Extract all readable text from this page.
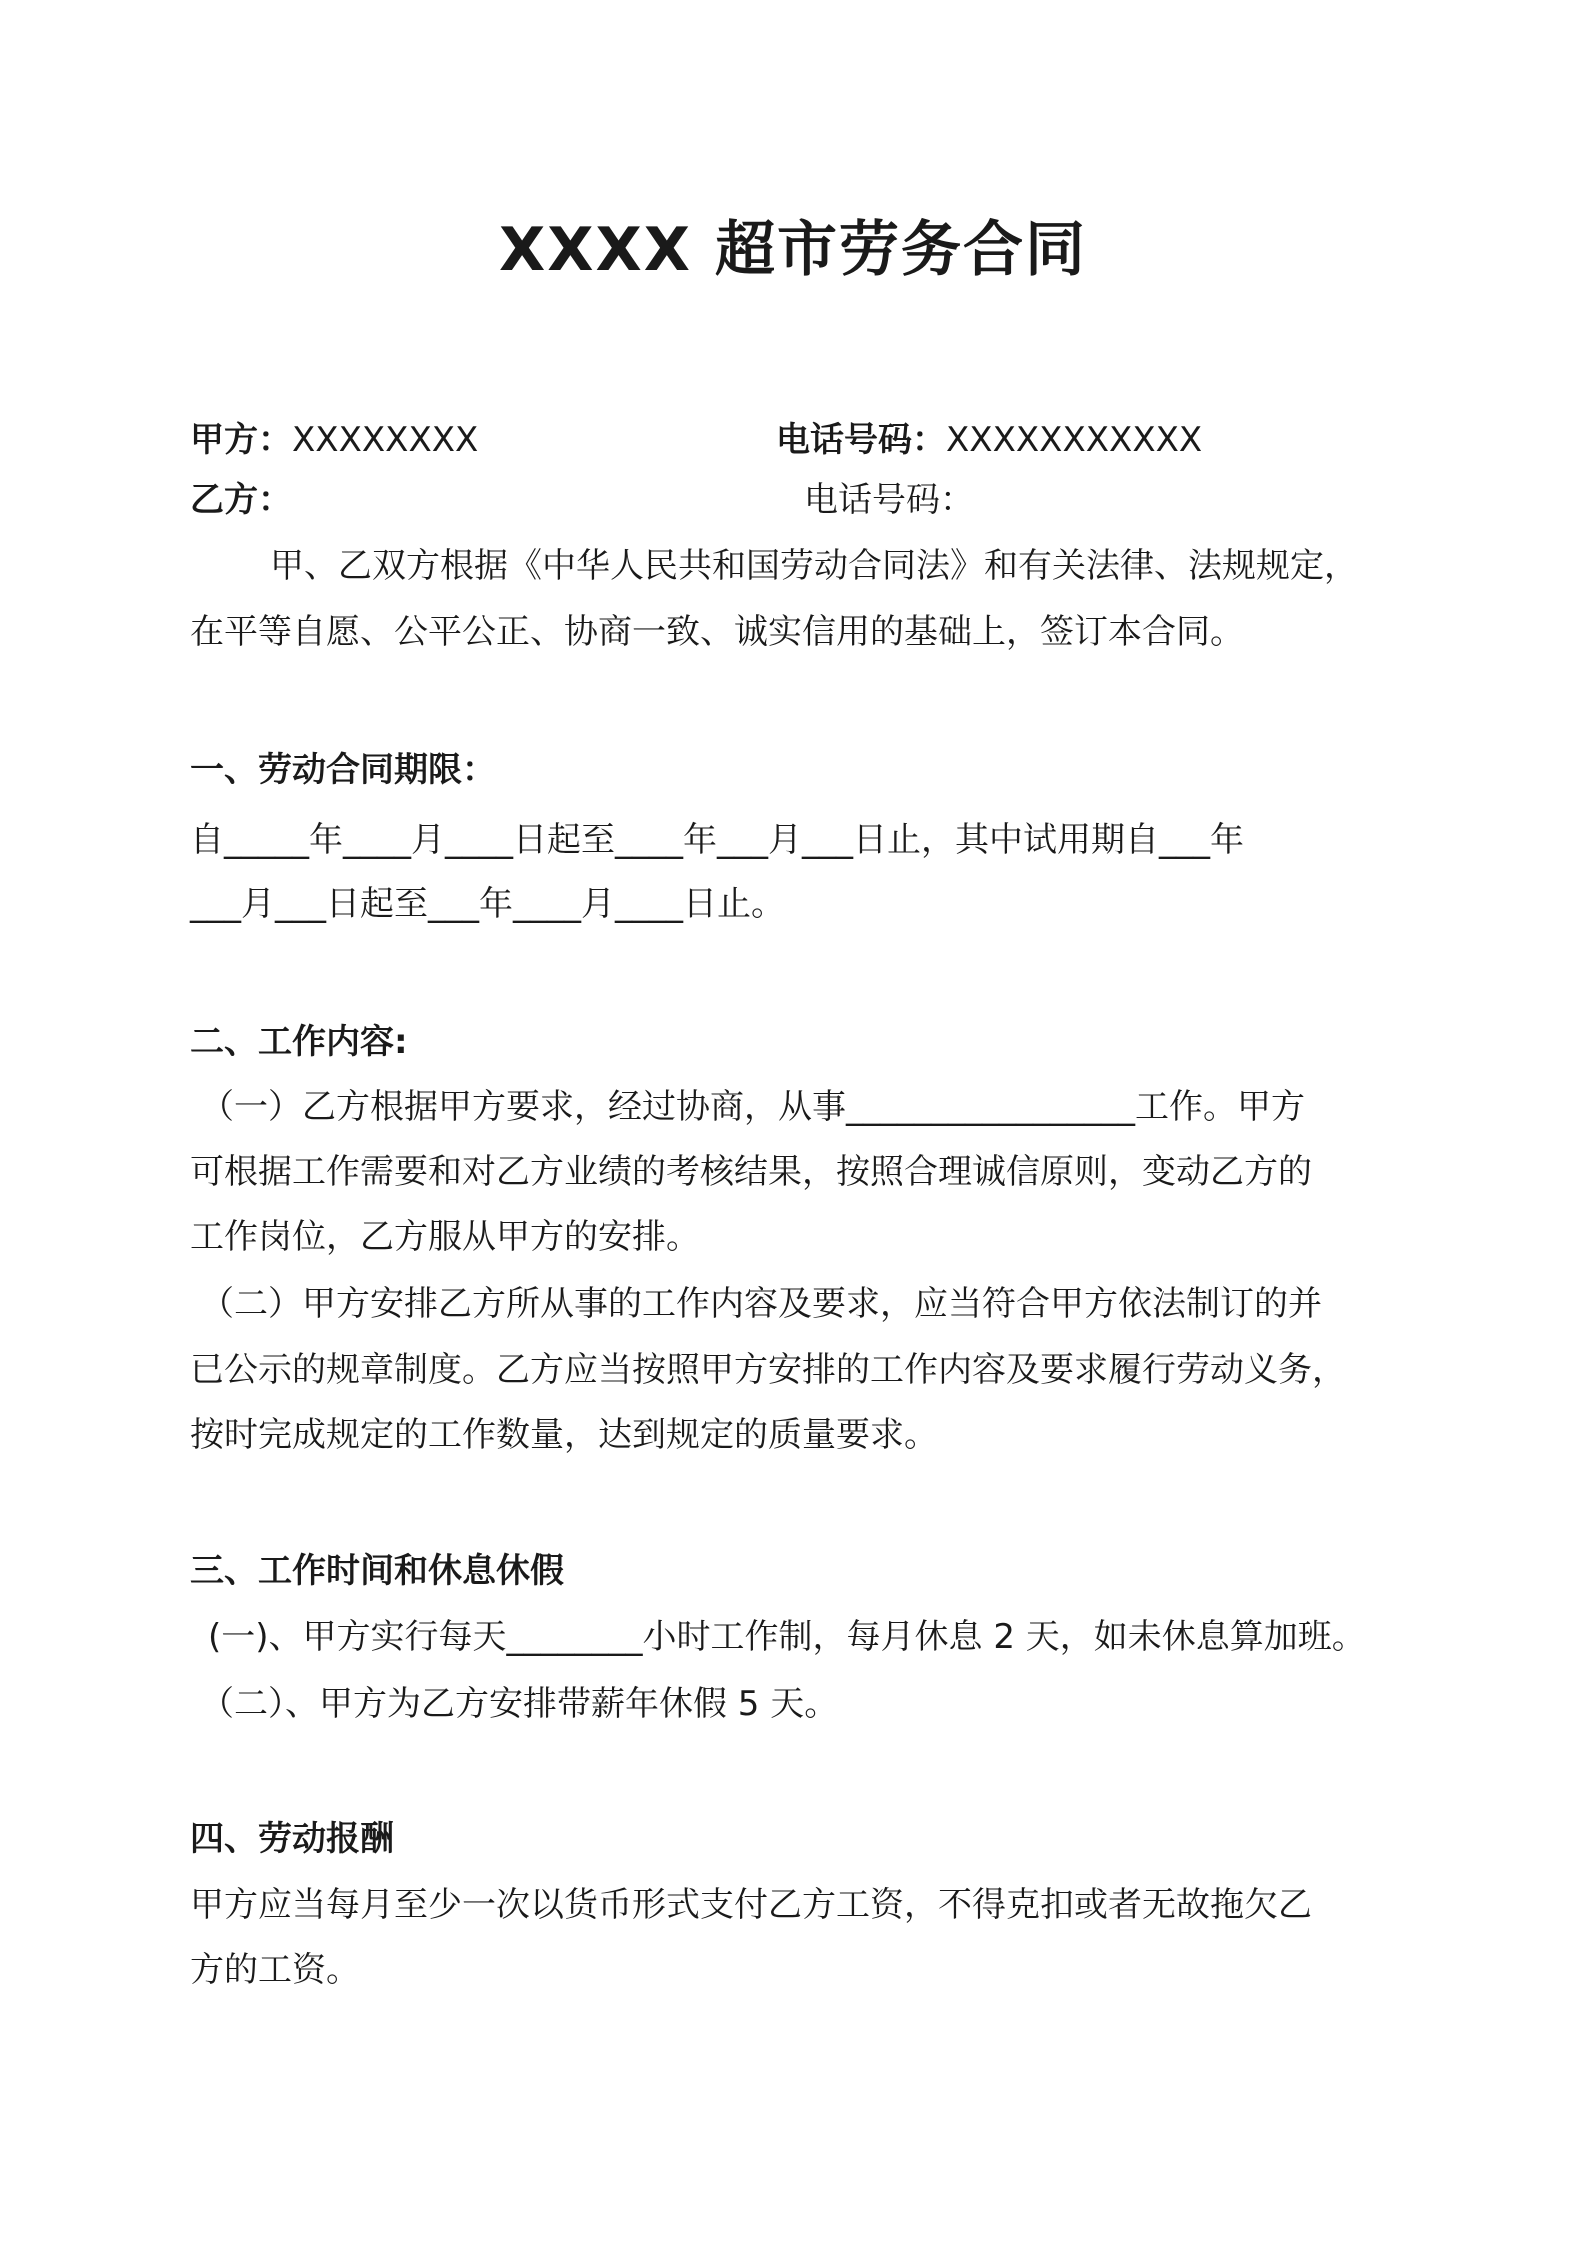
XXXX 超市劳务合同

甲方：XXXXXXXX	电话号码：XXXXXXXXXXX

乙方：	电话号码：

甲、乙双方根据《中华人民共和国劳动合同法》和有关法律、法规规定，

在平等自愿、公平公正、协商一致、诚实信用的基础上，签订本合同。

一、劳动合同期限：

自_____年____月____日起至____年___月___日止，其中试用期自___年

___月___日起至___年____月____日止。

二、工作内容:

（一）乙方根据甲方要求，经过协商，从事_________________工作。甲方

可根据工作需要和对乙方业绩的考核结果，按照合理诚信原则，变动乙方的

工作岗位，乙方服从甲方的安排。

（二）甲方安排乙方所从事的工作内容及要求，应当符合甲方依法制订的并

已公示的规章制度。乙方应当按照甲方安排的工作内容及要求履行劳动义务，

按时完成规定的工作数量，达到规定的质量要求。

三、工作时间和休息休假

(一)、甲方实行每天________小时工作制，每月休息 2 天，如未休息算加班。

（二）、甲方为乙方安排带薪年休假 5 天。

四、劳动报酬

甲方应当每月至少一次以货币形式支付乙方工资，不得克扣或者无故拖欠乙

方的工资。
